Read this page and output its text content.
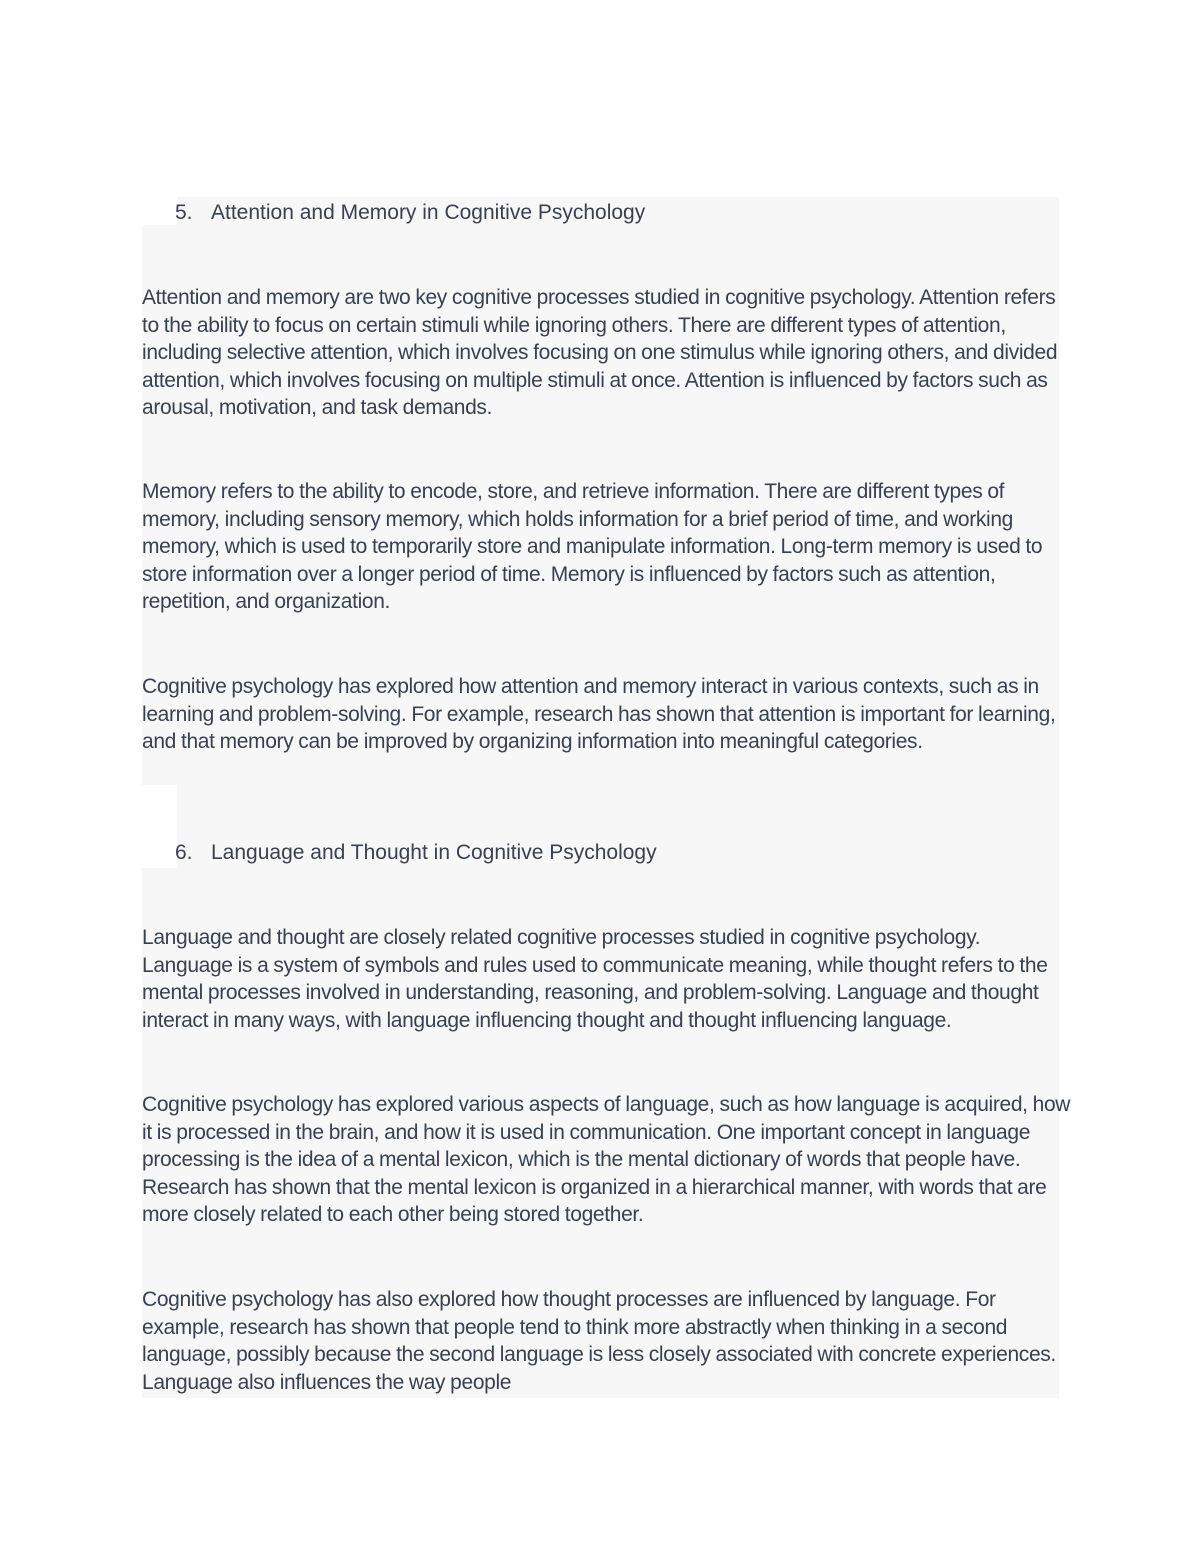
5. Attention and Memory in Cognitive Psychology

Attention and memory are two key cognitive processes studied in cognitive psychology. Attention refers to the ability to focus on certain stimuli while ignoring others. There are different types of attention, including selective attention, which involves focusing on one stimulus while ignoring others, and divided attention, which involves focusing on multiple stimuli at once. Attention is influenced by factors such as arousal, motivation, and task demands.

Memory refers to the ability to encode, store, and retrieve information. There are different types of memory, including sensory memory, which holds information for a brief period of time, and working memory, which is used to temporarily store and manipulate information. Long-term memory is used to store information over a longer period of time. Memory is influenced by factors such as attention, repetition, and organization.

Cognitive psychology has explored how attention and memory interact in various contexts, such as in learning and problem-solving. For example, research has shown that attention is important for learning, and that memory can be improved by organizing information into meaningful categories.

6. Language and Thought in Cognitive Psychology

Language and thought are closely related cognitive processes studied in cognitive psychology. Language is a system of symbols and rules used to communicate meaning, while thought refers to the mental processes involved in understanding, reasoning, and problem-solving. Language and thought interact in many ways, with language influencing thought and thought influencing language.

Cognitive psychology has explored various aspects of language, such as how language is acquired, how it is processed in the brain, and how it is used in communication. One important concept in language processing is the idea of a mental lexicon, which is the mental dictionary of words that people have. Research has shown that the mental lexicon is organized in a hierarchical manner, with words that are more closely related to each other being stored together.

Cognitive psychology has also explored how thought processes are influenced by language. For example, research has shown that people tend to think more abstractly when thinking in a second language, possibly because the second language is less closely associated with concrete experiences. Language also influences the way people
